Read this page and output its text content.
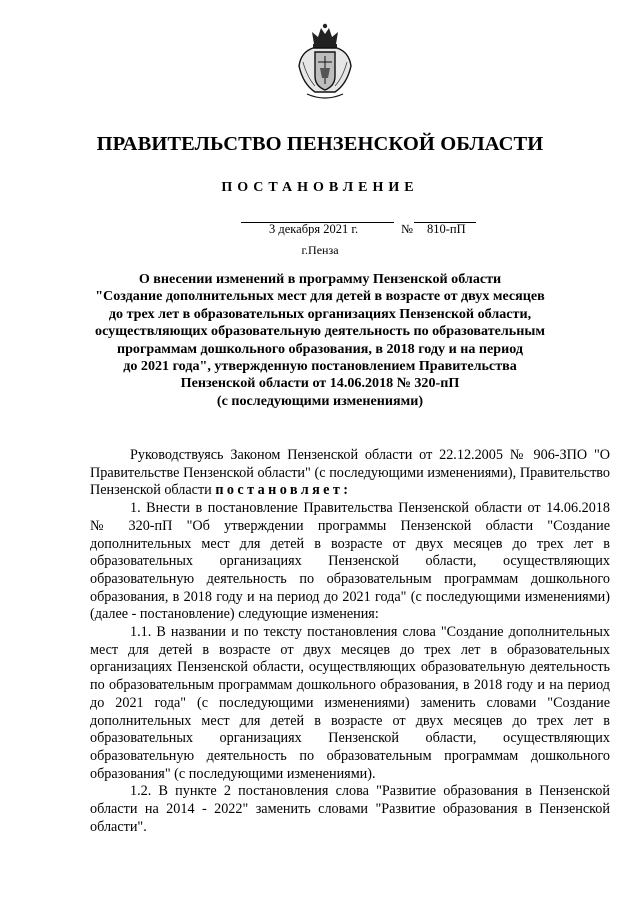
ПРАВИТЕЛЬСТВО ПЕНЗЕНСКОЙ ОБЛАСТИ
ПОСТАНОВЛЕНИЕ
3 декабря 2021 г.	№ 810-пП
г.Пенза
О внесении изменений в программу Пензенской области
"Создание дополнительных мест для детей в возрасте от двух месяцев
до трех лет в образовательных организациях Пензенской области,
осуществляющих образовательную деятельность по образовательным
программам дошкольного образования, в 2018 году и на период
до 2021 года", утвержденную постановлением Правительства
Пензенской области от 14.06.2018 № 320-пП
(с последующими изменениями)

Руководствуясь Законом Пензенской области от 22.12.2005 № 906-ЗПО "О Правительстве Пензенской области" (с последующими изменениями), Правительство Пензенской области постановляет:

1. Внести в постановление Правительства Пензенской области от 14.06.2018 № 320-пП "Об утверждении программы Пензенской области "Создание дополнительных мест для детей в возрасте от двух месяцев до трех лет в образовательных организациях Пензенской области, осуществляющих образовательную деятельность по образовательным программам дошкольного образования, в 2018 году и на период до 2021 года" (с последующими изменениями) (далее - постановление) следующие изменения:

1.1. В названии и по тексту постановления слова "Создание дополнительных мест для детей в возрасте от двух месяцев до трех лет в образовательных организациях Пензенской области, осуществляющих образовательную деятельность по образовательным программам дошкольного образования, в 2018 году и на период до 2021 года" (с последующими изменениями) заменить словами "Создание дополнительных мест для детей в возрасте от двух месяцев до трех лет в образовательных организациях Пензенской области, осуществляющих образовательную деятельность по образовательным программам дошкольного образования" (с последующими изменениями).

1.2. В пункте 2 постановления слова "Развитие образования в Пензенской области на 2014 - 2022" заменить словами "Развитие образования в Пензенской области".
